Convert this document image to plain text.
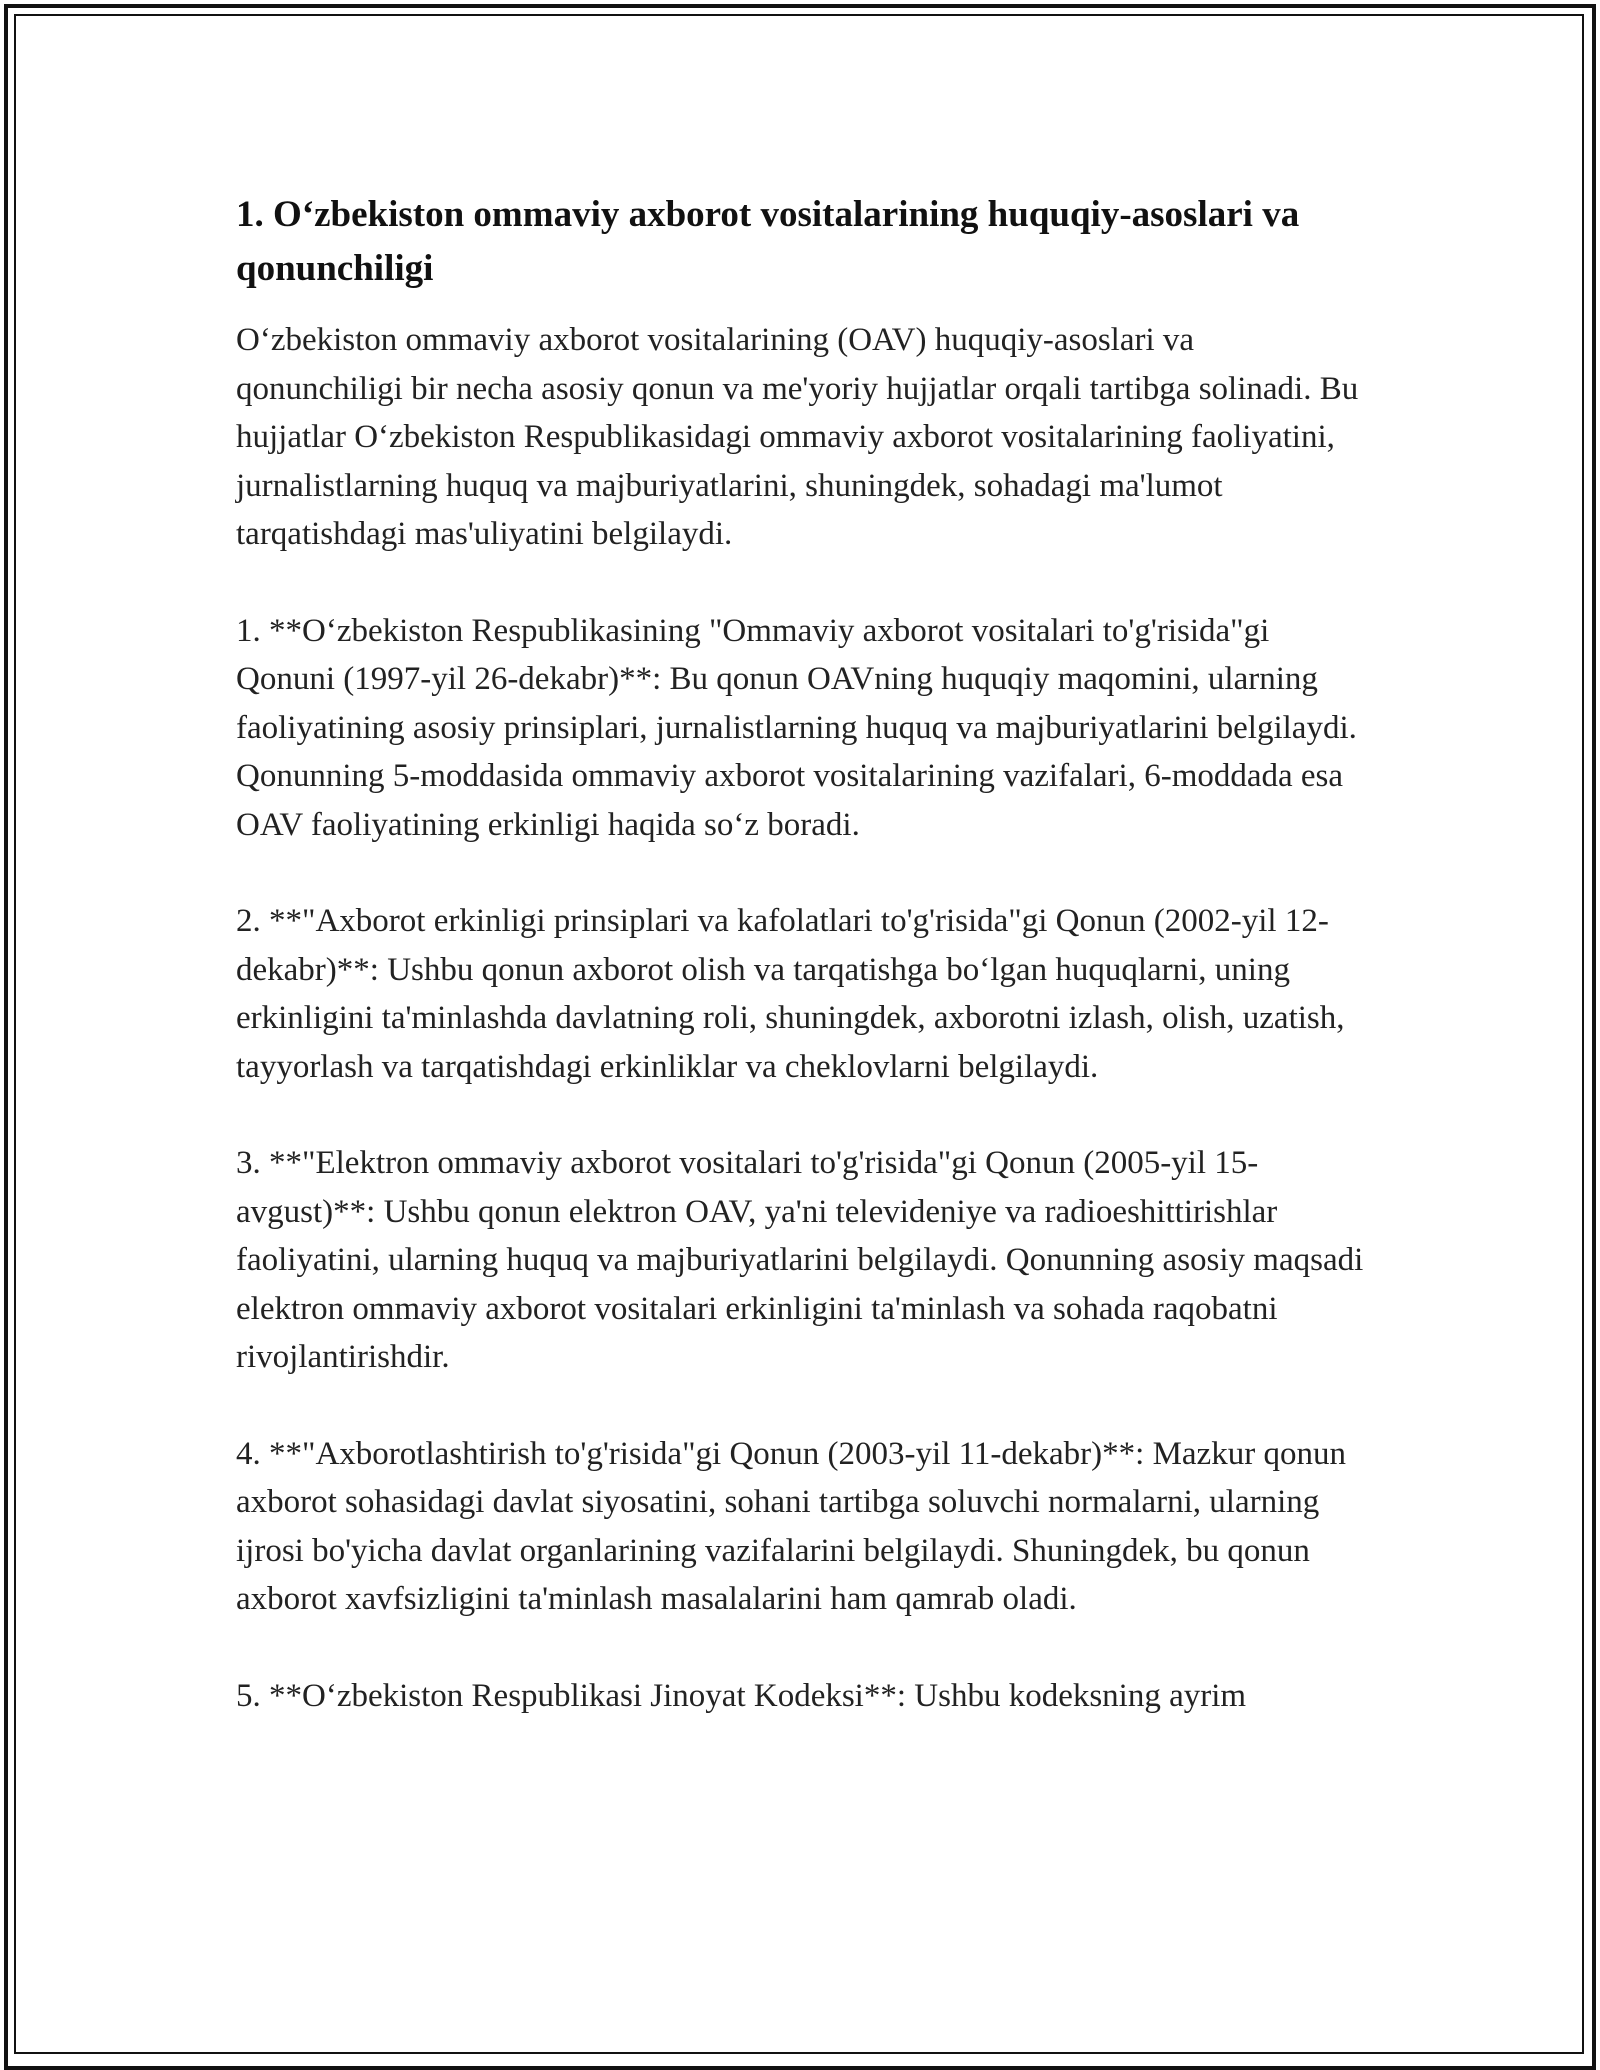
1. O‘zbekiston ommaviy axborot vositalarining huquqiy-asoslari va qonunchiligi

O‘zbekiston ommaviy axborot vositalarining (OAV) huquqiy-asoslari va qonunchiligi bir necha asosiy qonun va me'yoriy hujjatlar orqali tartibga solinadi. Bu hujjatlar O‘zbekiston Respublikasidagi ommaviy axborot vositalarining faoliyatini, jurnalistlarning huquq va majburiyatlarini, shuningdek, sohadagi ma'lumot tarqatishdagi mas'uliyatini belgilaydi.

1. **O‘zbekiston Respublikasining "Ommaviy axborot vositalari to'g'risida"gi Qonuni (1997-yil 26-dekabr)**: Bu qonun OAVning huquqiy maqomini, ularning faoliyatining asosiy prinsiplari, jurnalistlarning huquq va majburiyatlarini belgilaydi. Qonunning 5-moddasida ommaviy axborot vositalarining vazifalari, 6-moddada esa OAV faoliyatining erkinligi haqida so‘z boradi.

2. **"Axborot erkinligi prinsiplari va kafolatlari to'g'risida"gi Qonun (2002-yil 12-dekabr)**: Ushbu qonun axborot olish va tarqatishga bo‘lgan huquqlarni, uning erkinligini ta'minlashda davlatning roli, shuningdek, axborotni izlash, olish, uzatish, tayyorlash va tarqatishdagi erkinliklar va cheklovlarni belgilaydi.

3. **"Elektron ommaviy axborot vositalari to'g'risida"gi Qonun (2005-yil 15-avgust)**: Ushbu qonun elektron OAV, ya'ni televideniye va radioeshittirishlar faoliyatini, ularning huquq va majburiyatlarini belgilaydi. Qonunning asosiy maqsadi elektron ommaviy axborot vositalari erkinligini ta'minlash va sohada raqobatni rivojlantirishdir.

4. **"Axborotlashtirish to'g'risida"gi Qonun (2003-yil 11-dekabr)**: Mazkur qonun axborot sohasidagi davlat siyosatini, sohani tartibga soluvchi normalarni, ularning ijrosi bo'yicha davlat organlarining vazifalarini belgilaydi. Shuningdek, bu qonun axborot xavfsizligini ta'minlash masalalarini ham qamrab oladi.

5. **O‘zbekiston Respublikasi Jinoyat Kodeksi**: Ushbu kodeksning ayrim
